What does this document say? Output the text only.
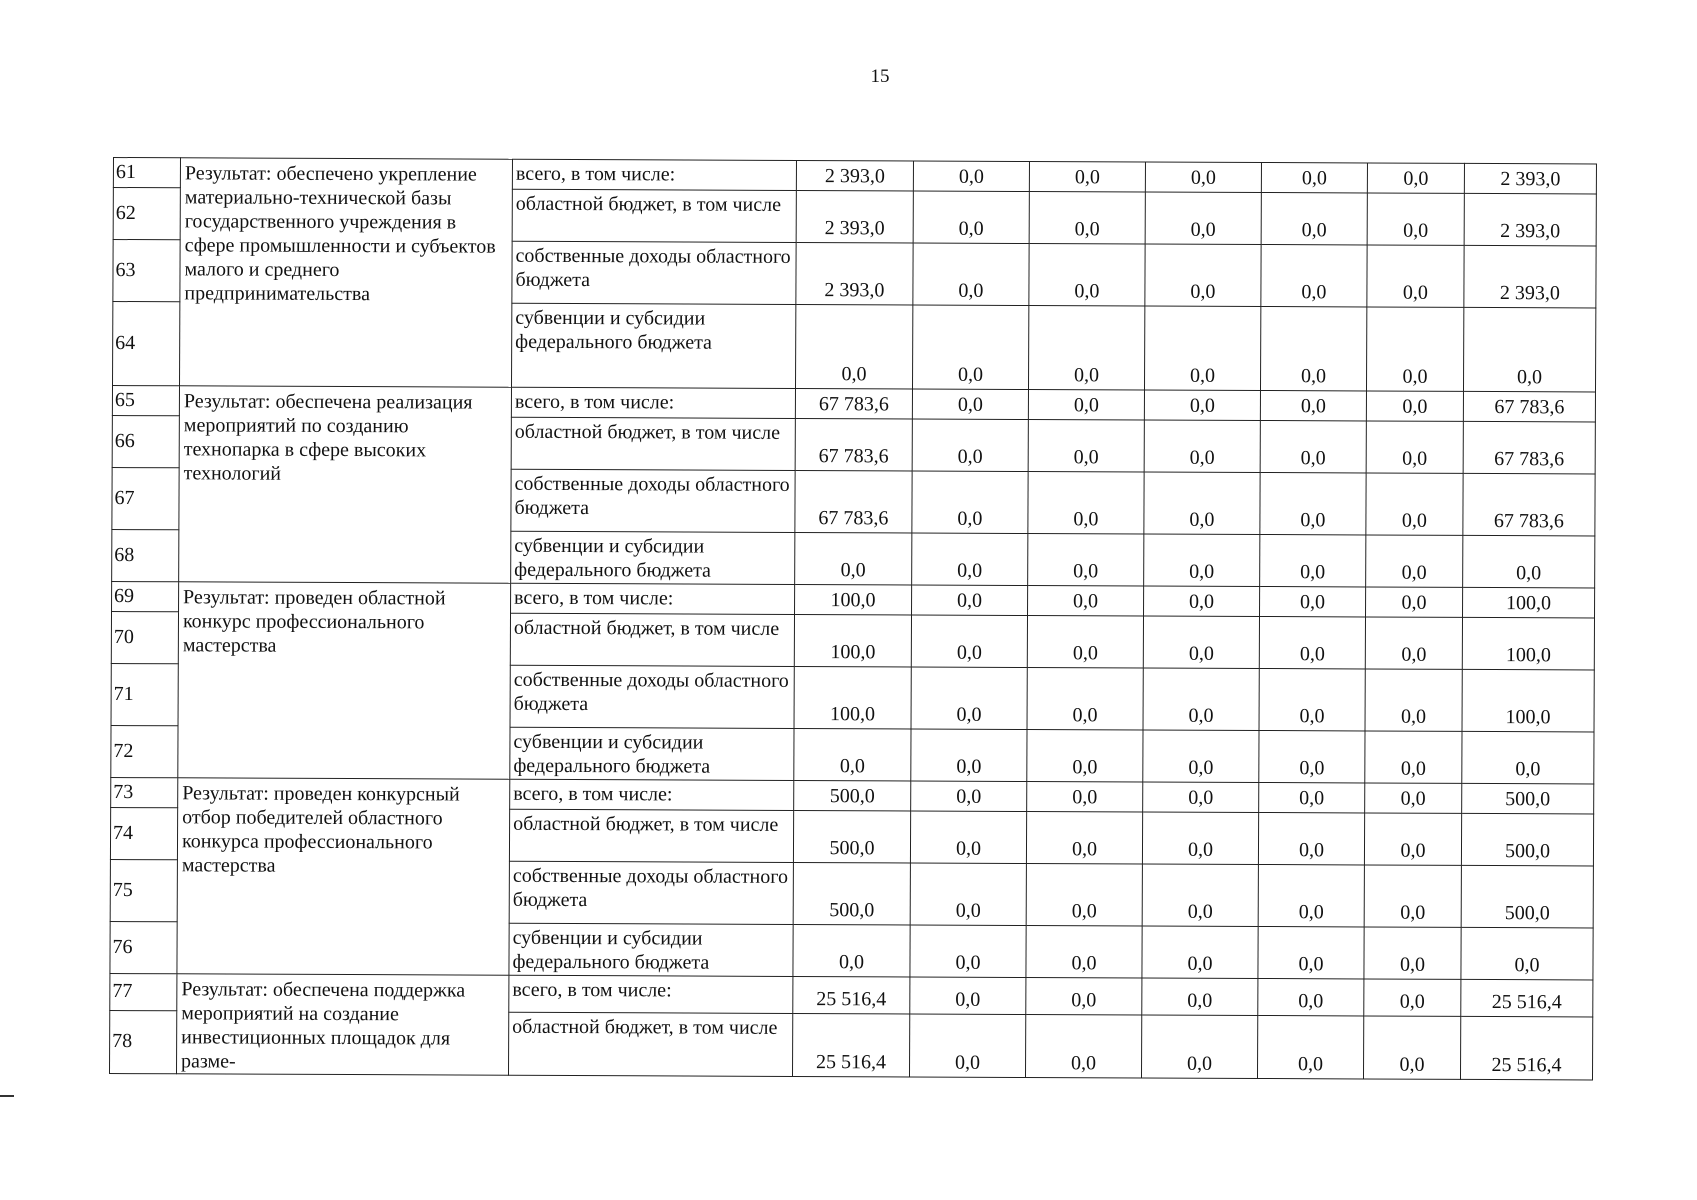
15
61	Результат: обеспечено укрепление материально-технической базы государственного учреждения в сфере промышленности и субъектов малого и среднего предпринимательства	всего, в том числе:	2 393,0	0,0	0,0	0,0	0,0	0,0	2 393,0
62		областной бюджет, в том числе	2 393,0	0,0	0,0	0,0	0,0	0,0	2 393,0
63		собственные доходы областного бюджета	2 393,0	0,0	0,0	0,0	0,0	0,0	2 393,0
64		субвенции и субсидии федерального бюджета	0,0	0,0	0,0	0,0	0,0	0,0	0,0
65	Результат: обеспечена реализация мероприятий по созданию технопарка в сфере высоких технологий	всего, в том числе:	67 783,6	0,0	0,0	0,0	0,0	0,0	67 783,6
66		областной бюджет, в том числе	67 783,6	0,0	0,0	0,0	0,0	0,0	67 783,6
67		собственные доходы областного бюджета	67 783,6	0,0	0,0	0,0	0,0	0,0	67 783,6
68		субвенции и субсидии федерального бюджета	0,0	0,0	0,0	0,0	0,0	0,0	0,0
69	Результат: проведен областной конкурс профессионального мастерства	всего, в том числе:	100,0	0,0	0,0	0,0	0,0	0,0	100,0
70		областной бюджет, в том числе	100,0	0,0	0,0	0,0	0,0	0,0	100,0
71		собственные доходы областного бюджета	100,0	0,0	0,0	0,0	0,0	0,0	100,0
72		субвенции и субсидии федерального бюджета	0,0	0,0	0,0	0,0	0,0	0,0	0,0
73	Результат: проведен конкурсный отбор победителей областного конкурса профессионального мастерства	всего, в том числе:	500,0	0,0	0,0	0,0	0,0	0,0	500,0
74		областной бюджет, в том числе	500,0	0,0	0,0	0,0	0,0	0,0	500,0
75		собственные доходы областного бюджета	500,0	0,0	0,0	0,0	0,0	0,0	500,0
76		субвенции и субсидии федерального бюджета	0,0	0,0	0,0	0,0	0,0	0,0	0,0
77	Результат: обеспечена поддержка мероприятий на создание инвестиционных площадок для разме-	всего, в том числе:	25 516,4	0,0	0,0	0,0	0,0	0,0	25 516,4
78		областной бюджет, в том числе	25 516,4	0,0	0,0	0,0	0,0	0,0	25 516,4
